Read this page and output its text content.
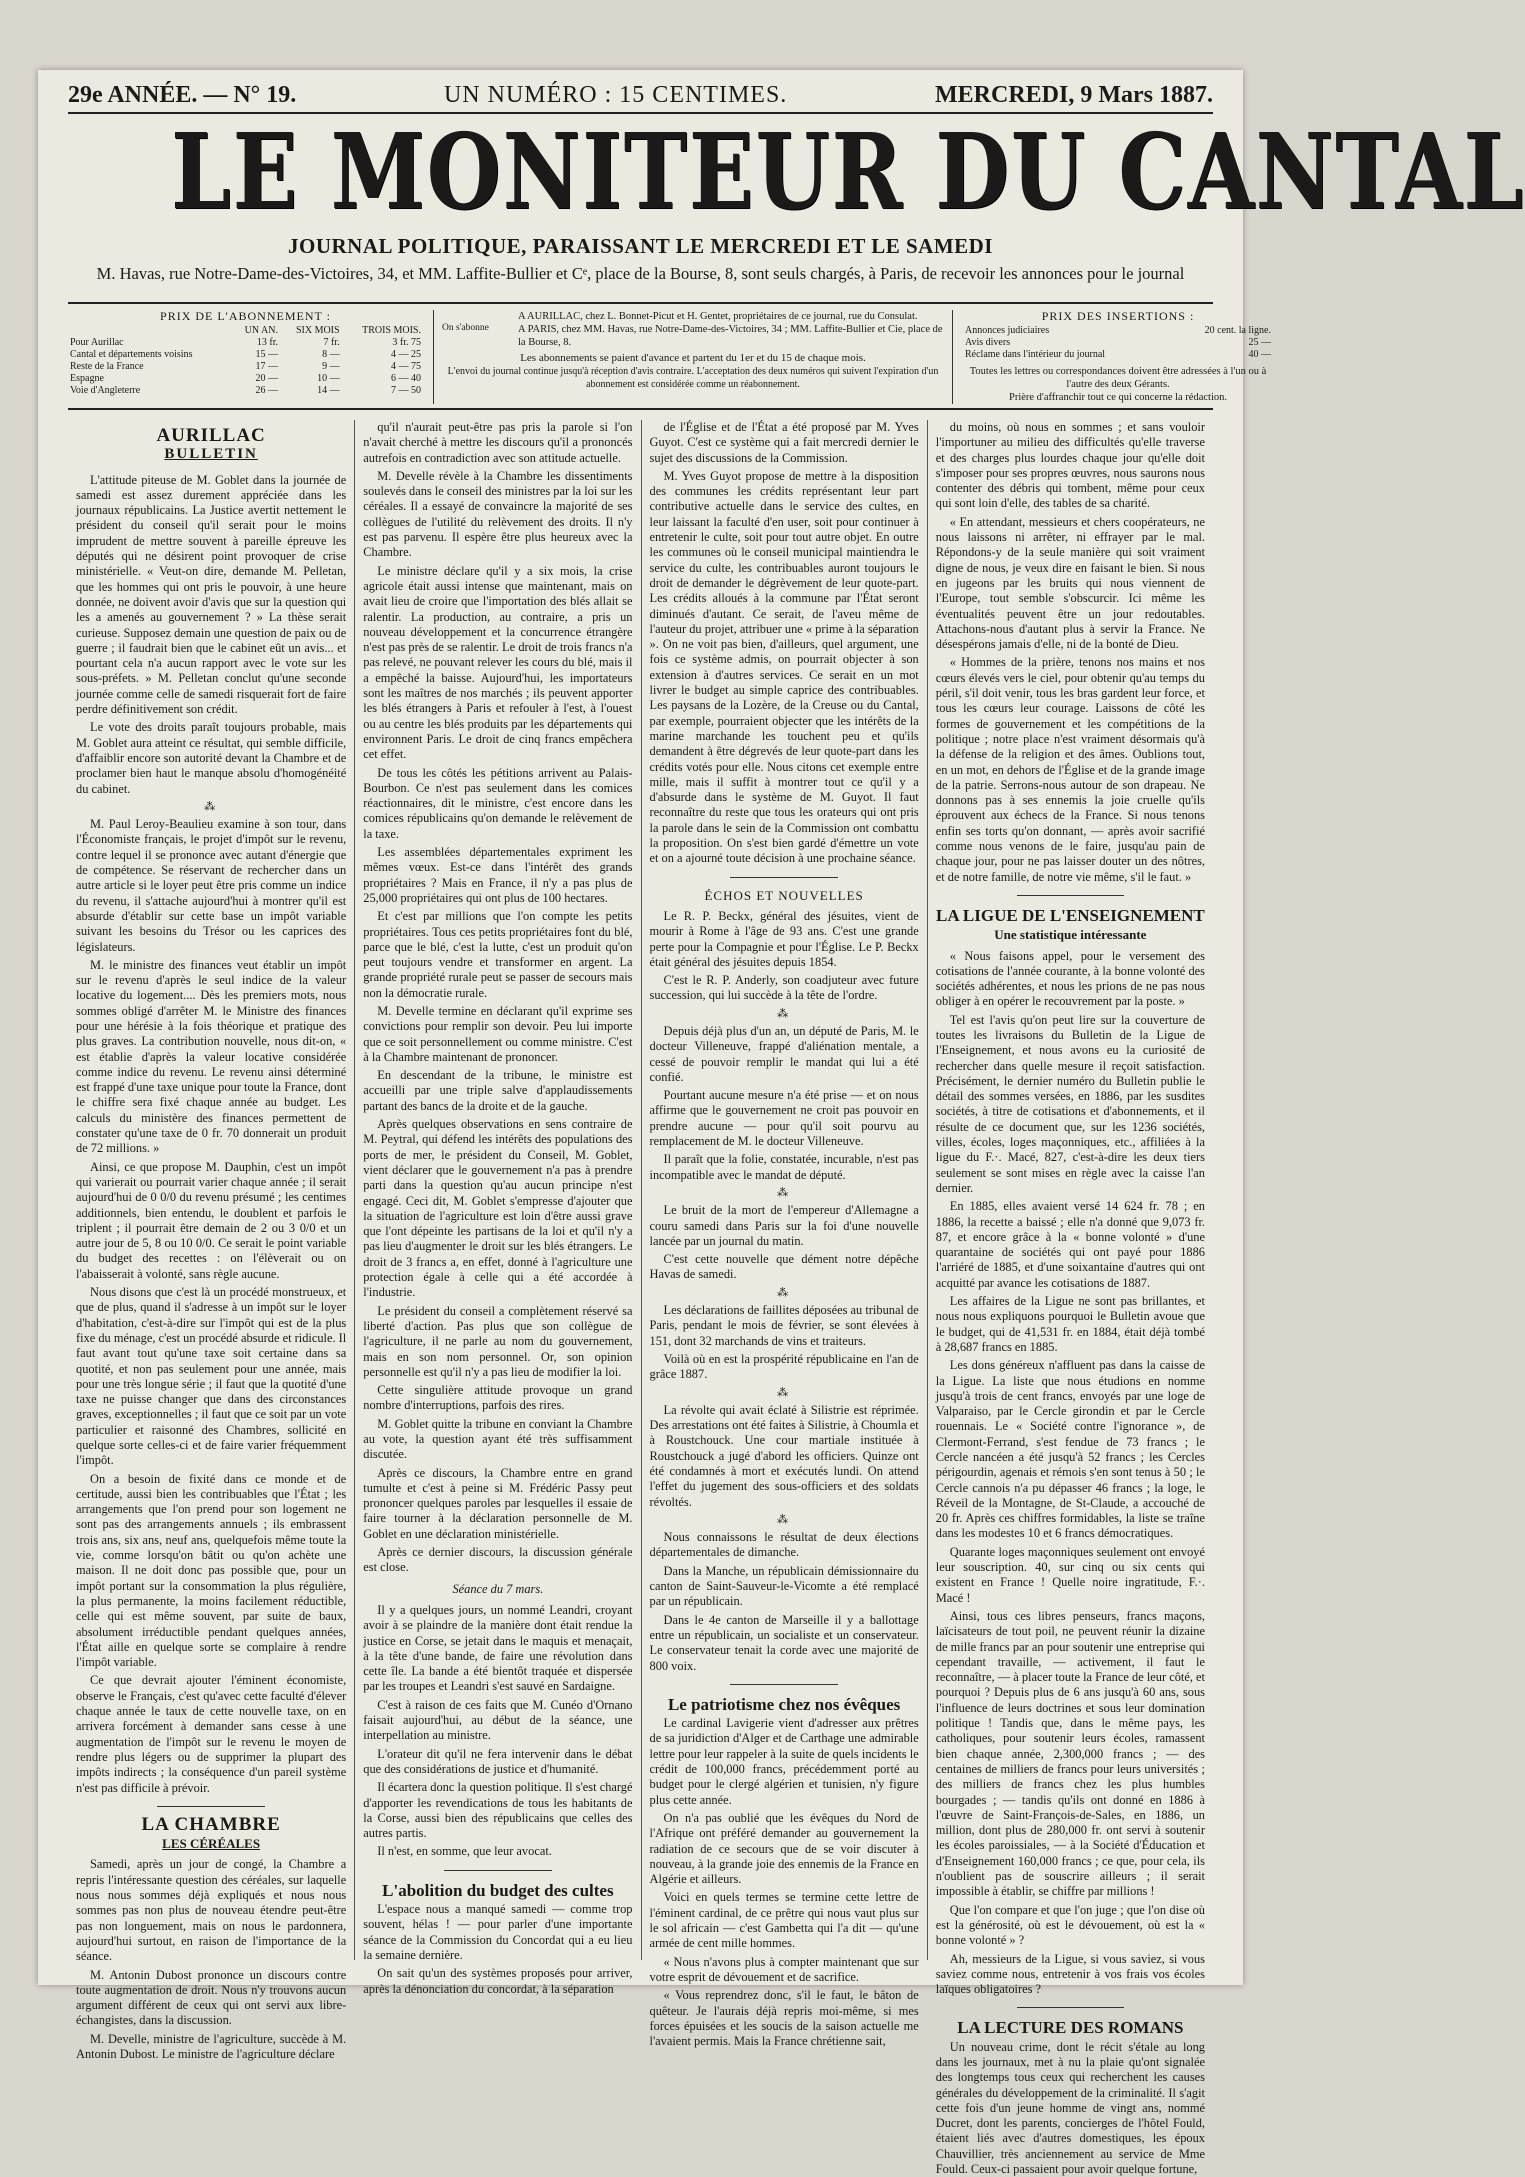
29e ANNÉE. — N° 19.	UN NUMÉRO : 15 CENTIMES.	MERCREDI, 9 Mars 1887.
LE MONITEUR DU CANTAL
JOURNAL POLITIQUE, PARAISSANT LE MERCREDI ET LE SAMEDI
M. Havas, rue Notre-Dame-des-Victoires, 34, et MM. Laffite-Bullier et Cᵉ, place de la Bourse, 8, sont seuls chargés, à Paris, de recevoir les annonces pour le journal
PRIX DE L'ABONNEMENT :
	UN AN.	SIX MOIS	TROIS MOIS.
Pour Aurillac	13 fr.	7 fr.	3 fr. 75
Cantal et départements voisins	15 —	8 —	4 — 25
Reste de la France	17 —	9 —	4 — 75
Espagne	20 —	10 —	6 — 40
Voie d'Angleterre	26 —	14 —	7 — 50
On s'abonne
A AURILLAC, chez L. Bonnet-Picut et H. Gentet, propriétaires de ce journal, rue du Consulat.
A PARIS, chez MM. Havas, rue Notre-Dame-des-Victoires, 34 ; MM. Laffite-Bullier et Cie, place de la Bourse, 8.
Les abonnements se paient d'avance et partent du 1er et du 15 de chaque mois.
L'envoi du journal continue jusqu'à réception d'avis contraire. L'acceptation des deux numéros qui suivent l'expiration d'un abonnement est considérée comme un réabonnement.
PRIX DES INSERTIONS :
Annonces judiciaires	20 cent. la ligne.
Avis divers	25 —
Réclame dans l'intérieur du journal	40 —
Toutes les lettres ou correspondances doivent être adressées à l'un ou à l'autre des deux Gérants.
Prière d'affranchir tout ce qui concerne la rédaction.
AURILLAC
BULLETIN

L'attitude piteuse de M. Goblet dans la journée de samedi est assez durement appréciée dans les journaux républicains. La Justice avertit nettement le président du conseil qu'il serait pour le moins imprudent de mettre souvent à pareille épreuve les députés qui ne désirent point provoquer de crise ministérielle. « Veut-on dire, demande M. Pelletan, que les hommes qui ont pris le pouvoir, à une heure donnée, ne doivent avoir d'avis que sur la question qui les a amenés au gouvernement ? » La thèse serait curieuse. Supposez demain une question de paix ou de guerre ; il faudrait bien que le cabinet eût un avis... et pourtant cela n'a aucun rapport avec le vote sur les sous-préfets. » M. Pelletan conclut qu'une seconde journée comme celle de samedi risquerait fort de faire perdre définitivement son crédit.

Le vote des droits paraît toujours probable, mais M. Goblet aura atteint ce résultat, qui semble difficile, d'affaiblir encore son autorité devant la Chambre et de proclamer bien haut le manque absolu d'homogénéité du cabinet.

⁂

M. Paul Leroy-Beaulieu examine à son tour, dans l'Économiste français, le projet d'impôt sur le revenu, contre lequel il se prononce avec autant d'énergie que de compétence. Se réservant de rechercher dans un autre article si le loyer peut être pris comme un indice du revenu, il s'attache aujourd'hui à montrer qu'il est absurde d'établir sur cette base un impôt variable suivant les besoins du Trésor ou les caprices des législateurs.

M. le ministre des finances veut établir un impôt sur le revenu d'après le seul indice de la valeur locative du logement.... Dès les premiers mots, nous sommes obligé d'arrêter M. le Ministre des finances pour une hérésie à la fois théorique et pratique des plus graves. La contribution nouvelle, nous dit-on, « est établie d'après la valeur locative considérée comme indice du revenu. Le revenu ainsi déterminé est frappé d'une taxe unique pour toute la France, dont le chiffre sera fixé chaque année au budget. Les calculs du ministère des finances permettent de constater qu'une taxe de 0 fr. 70 donnerait un produit de 72 millions. »

Ainsi, ce que propose M. Dauphin, c'est un impôt qui varierait ou pourrait varier chaque année ; il serait aujourd'hui de 0 0/0 du revenu présumé ; les centimes additionnels, bien entendu, le doublent et parfois le triplent ; il pourrait être demain de 2 ou 3 0/0 et un autre jour de 5, 8 ou 10 0/0. Ce serait le point variable du budget des recettes : on l'élèverait ou on l'abaisserait à volonté, sans règle aucune.

Nous disons que c'est là un procédé monstrueux, et que de plus, quand il s'adresse à un impôt sur le loyer d'habitation, c'est-à-dire sur l'impôt qui est de la plus fixe du ménage, c'est un procédé absurde et ridicule. Il faut avant tout qu'une taxe soit certaine dans sa quotité, et non pas seulement pour une année, mais pour une très longue série ; il faut que la quotité d'une taxe ne puisse changer que dans des circonstances graves, exceptionnelles ; il faut que ce soit par un vote particulier et raisonné des Chambres, sollicité en quelque sorte celles-ci et de faire varier fréquemment l'impôt.

On a besoin de fixité dans ce monde et de certitude, aussi bien les contribuables que l'État ; les arrangements que l'on prend pour son logement ne sont pas des arrangements annuels ; ils embrassent trois ans, six ans, neuf ans, quelquefois même toute la vie, comme lorsqu'on bâtit ou qu'on achète une maison. Il ne doit donc pas possible que, pour un impôt portant sur la consommation la plus régulière, la plus permanente, la moins facilement réductible, celle qui est même souvent, par suite de baux, absolument irréductible pendant quelques années, l'État aille en quelque sorte se complaire à rendre l'impôt variable.

Ce que devrait ajouter l'éminent économiste, observe le Français, c'est qu'avec cette faculté d'élever chaque année le taux de cette nouvelle taxe, on en arrivera forcément à demander sans cesse à une augmentation de l'impôt sur le revenu le moyen de rendre plus légers ou de supprimer la plupart des impôts indirects ; la conséquence d'un pareil système n'est pas difficile à prévoir.

LA CHAMBRE
LES CÉRÉALES

Samedi, après un jour de congé, la Chambre a repris l'intéressante question des céréales, sur laquelle nous nous sommes déjà expliqués et nous nous sommes pas non plus de nouveau étendre peut-être pas non longuement, mais on nous le pardonnera, aujourd'hui surtout, en raison de l'importance de la séance.

M. Antonin Dubost prononce un discours contre toute augmentation de droit. Nous n'y trouvons aucun argument différent de ceux qui ont servi aux libre-échangistes, dans la discussion.

M. Develle, ministre de l'agriculture, succède à M. Antonin Dubost. Le ministre de l'agriculture déclare

qu'il n'aurait peut-être pas pris la parole si l'on n'avait cherché à mettre les discours qu'il a prononcés autrefois en contradiction avec son attitude actuelle.

M. Develle révèle à la Chambre les dissentiments soulevés dans le conseil des ministres par la loi sur les céréales. Il a essayé de convaincre la majorité de ses collègues de l'utilité du relèvement des droits. Il n'y est pas parvenu. Il espère être plus heureux avec la Chambre.

Le ministre déclare qu'il y a six mois, la crise agricole était aussi intense que maintenant, mais on avait lieu de croire que l'importation des blés allait se ralentir. La production, au contraire, a pris un nouveau développement et la concurrence étrangère n'est pas près de se ralentir. Le droit de trois francs n'a pas relevé, ne pouvant relever les cours du blé, mais il a empêché la baisse. Aujourd'hui, les importateurs sont les maîtres de nos marchés ; ils peuvent apporter les blés étrangers à Paris et refouler à l'est, à l'ouest ou au centre les blés produits par les départements qui environnent Paris. Le droit de cinq francs empêchera cet effet.

De tous les côtés les pétitions arrivent au Palais-Bourbon. Ce n'est pas seulement dans les comices réactionnaires, dit le ministre, c'est encore dans les comices républicains qu'on demande le relèvement de la taxe.

Les assemblées départementales expriment les mêmes vœux. Est-ce dans l'intérêt des grands propriétaires ? Mais en France, il n'y a pas plus de 25,000 propriétaires qui ont plus de 100 hectares.

Et c'est par millions que l'on compte les petits propriétaires. Tous ces petits propriétaires font du blé, parce que le blé, c'est la lutte, c'est un produit qu'on peut toujours vendre et transformer en argent. La grande propriété rurale peut se passer de secours mais non la démocratie rurale.

M. Develle termine en déclarant qu'il exprime ses convictions pour remplir son devoir. Peu lui importe que ce soit personnellement ou comme ministre. C'est à la Chambre maintenant de prononcer.

En descendant de la tribune, le ministre est accueilli par une triple salve d'applaudissements partant des bancs de la droite et de la gauche.

Après quelques observations en sens contraire de M. Peytral, qui défend les intérêts des populations des ports de mer, le président du Conseil, M. Goblet, vient déclarer que le gouvernement n'a pas à prendre parti dans la question qu'au aucun principe n'est engagé. Ceci dit, M. Goblet s'empresse d'ajouter que la situation de l'agriculture est loin d'être aussi grave que l'ont dépeinte les partisans de la loi et qu'il n'y a pas lieu d'augmenter le droit sur les blés étrangers. Le droit de 3 francs a, en effet, donné à l'agriculture une protection égale à celle qui a été accordée à l'industrie.

Le président du conseil a complètement réservé sa liberté d'action. Pas plus que son collègue de l'agriculture, il ne parle au nom du gouvernement, mais en son nom personnel. Or, son opinion personnelle est qu'il n'y a pas lieu de modifier la loi.

Cette singulière attitude provoque un grand nombre d'interruptions, parfois des rires.

M. Goblet quitte la tribune en conviant la Chambre au vote, la question ayant été très suffisamment discutée.

Après ce discours, la Chambre entre en grand tumulte et c'est à peine si M. Frédéric Passy peut prononcer quelques paroles par lesquelles il essaie de faire tourner à la déclaration personnelle de M. Goblet en une déclaration ministérielle.

Après ce dernier discours, la discussion générale est close.

Séance du 7 mars.

Il y a quelques jours, un nommé Leandri, croyant avoir à se plaindre de la manière dont était rendue la justice en Corse, se jetait dans le maquis et menaçait, à la tête d'une bande, de faire une révolution dans cette île. La bande a été bientôt traquée et dispersée par les troupes et Leandri s'est sauvé en Sardaigne.

C'est à raison de ces faits que M. Cunéo d'Ornano faisait aujourd'hui, au début de la séance, une interpellation au ministre.

L'orateur dit qu'il ne fera intervenir dans le débat que des considérations de justice et d'humanité.

Il écartera donc la question politique. Il s'est chargé d'apporter les revendications de tous les habitants de la Corse, aussi bien des républicains que celles des autres partis.

Il n'est, en somme, que leur avocat.

L'abolition du budget des cultes

L'espace nous a manqué samedi — comme trop souvent, hélas ! — pour parler d'une importante séance de la Commission du Concordat qui a eu lieu la semaine dernière.

On sait qu'un des systèmes proposés pour arriver, après la dénonciation du concordat, à la séparation

de l'Église et de l'État a été proposé par M. Yves Guyot. C'est ce système qui a fait mercredi dernier le sujet des discussions de la Commission.

M. Yves Guyot propose de mettre à la disposition des communes les crédits représentant leur part contributive actuelle dans le service des cultes, en leur laissant la faculté d'en user, soit pour continuer à entretenir le culte, soit pour tout autre objet. En outre les communes où le conseil municipal maintiendra le service du culte, les contribuables auront toujours le droit de demander le dégrèvement de leur quote-part. Les crédits alloués à la commune par l'État seront diminués d'autant. Ce serait, de l'aveu même de l'auteur du projet, attribuer une « prime à la séparation ». On ne voit pas bien, d'ailleurs, quel argument, une fois ce système admis, on pourrait objecter à son extension à d'autres services. Ce serait en un mot livrer le budget au simple caprice des contribuables. Les paysans de la Lozère, de la Creuse ou du Cantal, par exemple, pourraient objecter que les intérêts de la marine marchande les touchent peu et qu'ils demandent à être dégrevés de leur quote-part dans les crédits votés pour elle. Nous citons cet exemple entre mille, mais il suffit à montrer tout ce qu'il y a d'absurde dans le système de M. Guyot. Il faut reconnaître du reste que tous les orateurs qui ont pris la parole dans le sein de la Commission ont combattu la proposition. On s'est bien gardé d'émettre un vote et on a ajourné toute décision à une prochaine séance.

ÉCHOS ET NOUVELLES

Le R. P. Beckx, général des jésuites, vient de mourir à Rome à l'âge de 93 ans. C'est une grande perte pour la Compagnie et pour l'Église. Le P. Beckx était général des jésuites depuis 1854.

C'est le R. P. Anderly, son coadjuteur avec future succession, qui lui succède à la tête de l'ordre.

⁂

Depuis déjà plus d'un an, un député de Paris, M. le docteur Villeneuve, frappé d'aliénation mentale, a cessé de pouvoir remplir le mandat qui lui a été confié.

Pourtant aucune mesure n'a été prise — et on nous affirme que le gouvernement ne croit pas pouvoir en prendre aucune — pour qu'il soit pourvu au remplacement de M. le docteur Villeneuve.

Il paraît que la folie, constatée, incurable, n'est pas incompatible avec le mandat de député.

⁂

Le bruit de la mort de l'empereur d'Allemagne a couru samedi dans Paris sur la foi d'une nouvelle lancée par un journal du matin.

C'est cette nouvelle que dément notre dépêche Havas de samedi.

⁂

Les déclarations de faillites déposées au tribunal de Paris, pendant le mois de février, se sont élevées à 151, dont 32 marchands de vins et traiteurs.

Voilà où en est la prospérité républicaine en l'an de grâce 1887.

⁂

La révolte qui avait éclaté à Silistrie est réprimée. Des arrestations ont été faites à Silistrie, à Choumla et à Roustchouck. Une cour martiale instituée à Roustchouck a jugé d'abord les officiers. Quinze ont été condamnés à mort et exécutés lundi. On attend l'effet du jugement des sous-officiers et des soldats révoltés.

⁂

Nous connaissons le résultat de deux élections départementales de dimanche.

Dans la Manche, un républicain démissionnaire du canton de Saint-Sauveur-le-Vicomte a été remplacé par un républicain.

Dans le 4e canton de Marseille il y a ballottage entre un républicain, un socialiste et un conservateur. Le conservateur tenait la corde avec une majorité de 800 voix.

Le patriotisme chez nos évêques

Le cardinal Lavigerie vient d'adresser aux prêtres de sa juridiction d'Alger et de Carthage une admirable lettre pour leur rappeler à la suite de quels incidents le crédit de 100,000 francs, précédemment porté au budget pour le clergé algérien et tunisien, n'y figure plus cette année.

On n'a pas oublié que les évêques du Nord de l'Afrique ont préféré demander au gouvernement la radiation de ce secours que de se voir discuter à nouveau, à la grande joie des ennemis de la France en Algérie et ailleurs.

Voici en quels termes se termine cette lettre de l'éminent cardinal, de ce prêtre qui nous vaut plus sur le sol africain — c'est Gambetta qui l'a dit — qu'une armée de cent mille hommes.

« Nous n'avons plus à compter maintenant que sur votre esprit de dévouement et de sacrifice.

« Vous reprendrez donc, s'il le faut, le bâton de quêteur. Je l'aurais déjà repris moi-même, si mes forces épuisées et les soucis de la saison actuelle me l'avaient permis. Mais la France chrétienne sait,

du moins, où nous en sommes ; et sans vouloir l'importuner au milieu des difficultés qu'elle traverse et des charges plus lourdes chaque jour qu'elle doit s'imposer pour ses propres œuvres, nous saurons nous contenter des débris qui tombent, même pour ceux qui sont loin d'elle, des tables de sa charité.

« En attendant, messieurs et chers coopérateurs, ne nous laissons ni arrêter, ni effrayer par le mal. Répondons-y de la seule manière qui soit vraiment digne de nous, je veux dire en faisant le bien. Si nous en jugeons par les bruits qui nous viennent de l'Europe, tout semble s'obscurcir. Ici même les éventualités peuvent être un jour redoutables. Attachons-nous d'autant plus à servir la France. Ne désespérons jamais d'elle, ni de la bonté de Dieu.

« Hommes de la prière, tenons nos mains et nos cœurs élevés vers le ciel, pour obtenir qu'au temps du péril, s'il doit venir, tous les bras gardent leur force, et tous les cœurs leur courage. Laissons de côté les formes de gouvernement et les compétitions de la politique ; notre place n'est vraiment désormais qu'à la défense de la religion et des âmes. Oublions tout, en un mot, en dehors de l'Église et de la grande image de la patrie. Serrons-nous autour de son drapeau. Ne donnons pas à ses ennemis la joie cruelle qu'ils éprouvent aux échecs de la France. Si nous tenons enfin ses torts qu'on donnant, — après avoir sacrifié comme nous venons de le faire, jusqu'au pain de chaque jour, pour ne pas laisser douter un des nôtres, et de notre famille, de notre vie même, s'il le faut. »

LA LIGUE DE L'ENSEIGNEMENT
Une statistique intéressante

« Nous faisons appel, pour le versement des cotisations de l'année courante, à la bonne volonté des sociétés adhérentes, et nous les prions de ne pas nous obliger à en opérer le recouvrement par la poste. »

Tel est l'avis qu'on peut lire sur la couverture de toutes les livraisons du Bulletin de la Ligue de l'Enseignement, et nous avons eu la curiosité de rechercher dans quelle mesure il reçoit satisfaction. Précisément, le dernier numéro du Bulletin publie le détail des sommes versées, en 1886, par les susdites sociétés, à titre de cotisations et d'abonnements, et il résulte de ce document que, sur les 1236 sociétés, villes, écoles, loges maçonniques, etc., affiliées à la ligue du F.·. Macé, 827, c'est-à-dire les deux tiers seulement se sont mises en règle avec la caisse l'an dernier.

En 1885, elles avaient versé 14 624 fr. 78 ; en 1886, la recette a baissé ; elle n'a donné que 9,073 fr. 87, et encore grâce à la « bonne volonté » d'une quarantaine de sociétés qui ont payé pour 1886 l'arriéré de 1885, et d'une soixantaine d'autres qui ont acquitté par avance les cotisations de 1887.

Les affaires de la Ligue ne sont pas brillantes, et nous nous expliquons pourquoi le Bulletin avoue que le budget, qui de 41,531 fr. en 1884, était déjà tombé à 28,687 francs en 1885.

Les dons généreux n'affluent pas dans la caisse de la Ligue. La liste que nous étudions en nomme jusqu'à trois de cent francs, envoyés par une loge de Valparaiso, par le Cercle girondin et par le Cercle rouennais. Le « Société contre l'ignorance », de Clermont-Ferrand, s'est fendue de 73 francs ; le Cercle nancéen a été jusqu'à 52 francs ; les Cercles périgourdin, agenais et rémois s'en sont tenus à 50 ; le Cercle cannois n'a pu dépasser 46 francs ; la loge, le Réveil de la Montagne, de St-Claude, a accouché de 20 fr. Après ces chiffres formidables, la liste se traîne dans les modestes 10 et 6 francs démocratiques.

Quarante loges maçonniques seulement ont envoyé leur souscription. 40, sur cinq ou six cents qui existent en France ! Quelle noire ingratitude, F.·. Macé !

Ainsi, tous ces libres penseurs, francs maçons, laïcisateurs de tout poil, ne peuvent réunir la dizaine de mille francs par an pour soutenir une entreprise qui cependant travaille, — activement, il faut le reconnaître, — à placer toute la France de leur côté, et pourquoi ? Depuis plus de 6 ans jusqu'à 60 ans, sous l'influence de leurs doctrines et sous leur domination politique ! Tandis que, dans le même pays, les catholiques, pour soutenir leurs écoles, ramassent bien chaque année, 2,300,000 francs ; — des centaines de milliers de francs pour leurs universités ; des milliers de francs chez les plus humbles bourgades ; — tandis qu'ils ont donné en 1886 à l'œuvre de Saint-François-de-Sales, en 1886, un million, dont plus de 280,000 fr. ont servi à soutenir les écoles paroissiales, — à la Société d'Éducation et d'Enseignement 160,000 francs ; ce que, pour cela, ils n'oublient pas de souscrire ailleurs ; il serait impossible à établir, se chiffre par millions !

Que l'on compare et que l'on juge ; que l'on dise où est la générosité, où est le dévouement, où est la « bonne volonté » ?

Ah, messieurs de la Ligue, si vous saviez, si vous saviez comme nous, entretenir à vos frais vos écoles laïques obligatoires ?

LA LECTURE DES ROMANS

Un nouveau crime, dont le récit s'étale au long dans les journaux, met à nu la plaie qu'ont signalée des longtemps tous ceux qui recherchent les causes générales du développement de la criminalité. Il s'agit cette fois d'un jeune homme de vingt ans, nommé Ducret, dont les parents, concierges de l'hôtel Fould, étaient liés avec d'autres domestiques, les époux Chauvillier, très anciennement au service de Mme Fould. Ceux-ci passaient pour avoir quelque fortune,
